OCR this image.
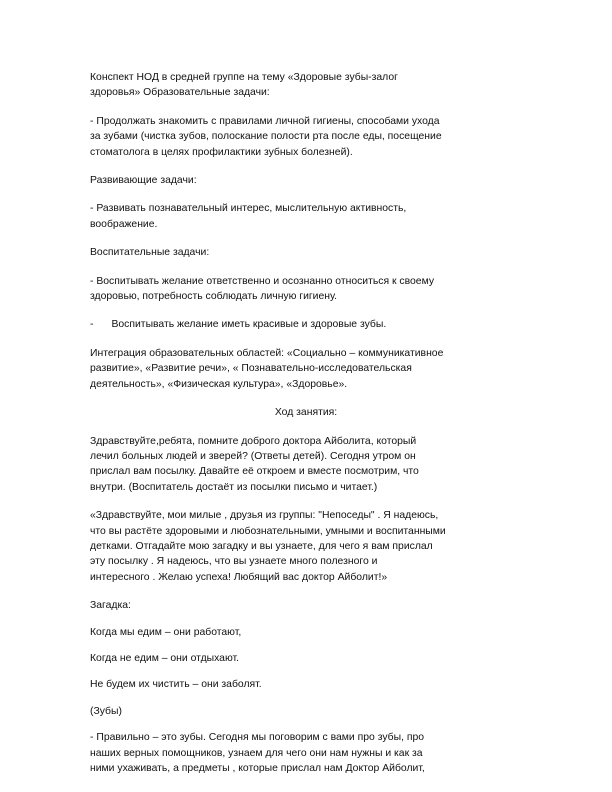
Конспект НОД в средней группе на тему «Здоровые зубы-залог
здоровья» Образовательные задачи:

- Продолжать знакомить с правилами личной гигиены, способами ухода
за зубами (чистка зубов, полоскание полости рта после еды, посещение
стоматолога в целях профилактики зубных болезней).

Развивающие задачи:

- Развивать познавательный интерес, мыслительную активность,
воображение.

Воспитательные задачи:

- Воспитывать желание ответственно и осознанно относиться к своему
здоровью, потребность соблюдать личную гигиену.

- Воспитывать желание иметь красивые и здоровые зубы.

Интеграция образовательных областей: «Социально – коммуникативное
развитие», «Развитие речи», « Познавательно-исследовательская
деятельность», «Физическая культура», «Здоровье».

Ход занятия:

Здравствуйте,ребята, помните доброго доктора Айболита, который
лечил больных людей и зверей? (Ответы детей). Сегодня утром он
прислал вам посылку. Давайте её откроем и вместе посмотрим, что
внутри. (Воспитатель достаёт из посылки письмо и читает.)

«Здравствуйте, мои милые , друзья из группы: "Непоседы" . Я надеюсь,
что вы растёте здоровыми и любознательными, умными и воспитанными
детками. Отгадайте мою загадку и вы узнаете, для чего я вам прислал
эту посылку . Я надеюсь, что вы узнаете много полезного и
интересного . Желаю успеха! Любящий вас доктор Айболит!»

Загадка:

Когда мы едим – они работают,

Когда не едим – они отдыхают.

Не будем их чистить – они заболят.

(Зубы)

- Правильно – это зубы. Сегодня мы поговорим с вами про зубы, про
наших верных помощников, узнаем для чего они нам нужны и как за
ними ухаживать, а предметы , которые прислал нам Доктор Айболит,
